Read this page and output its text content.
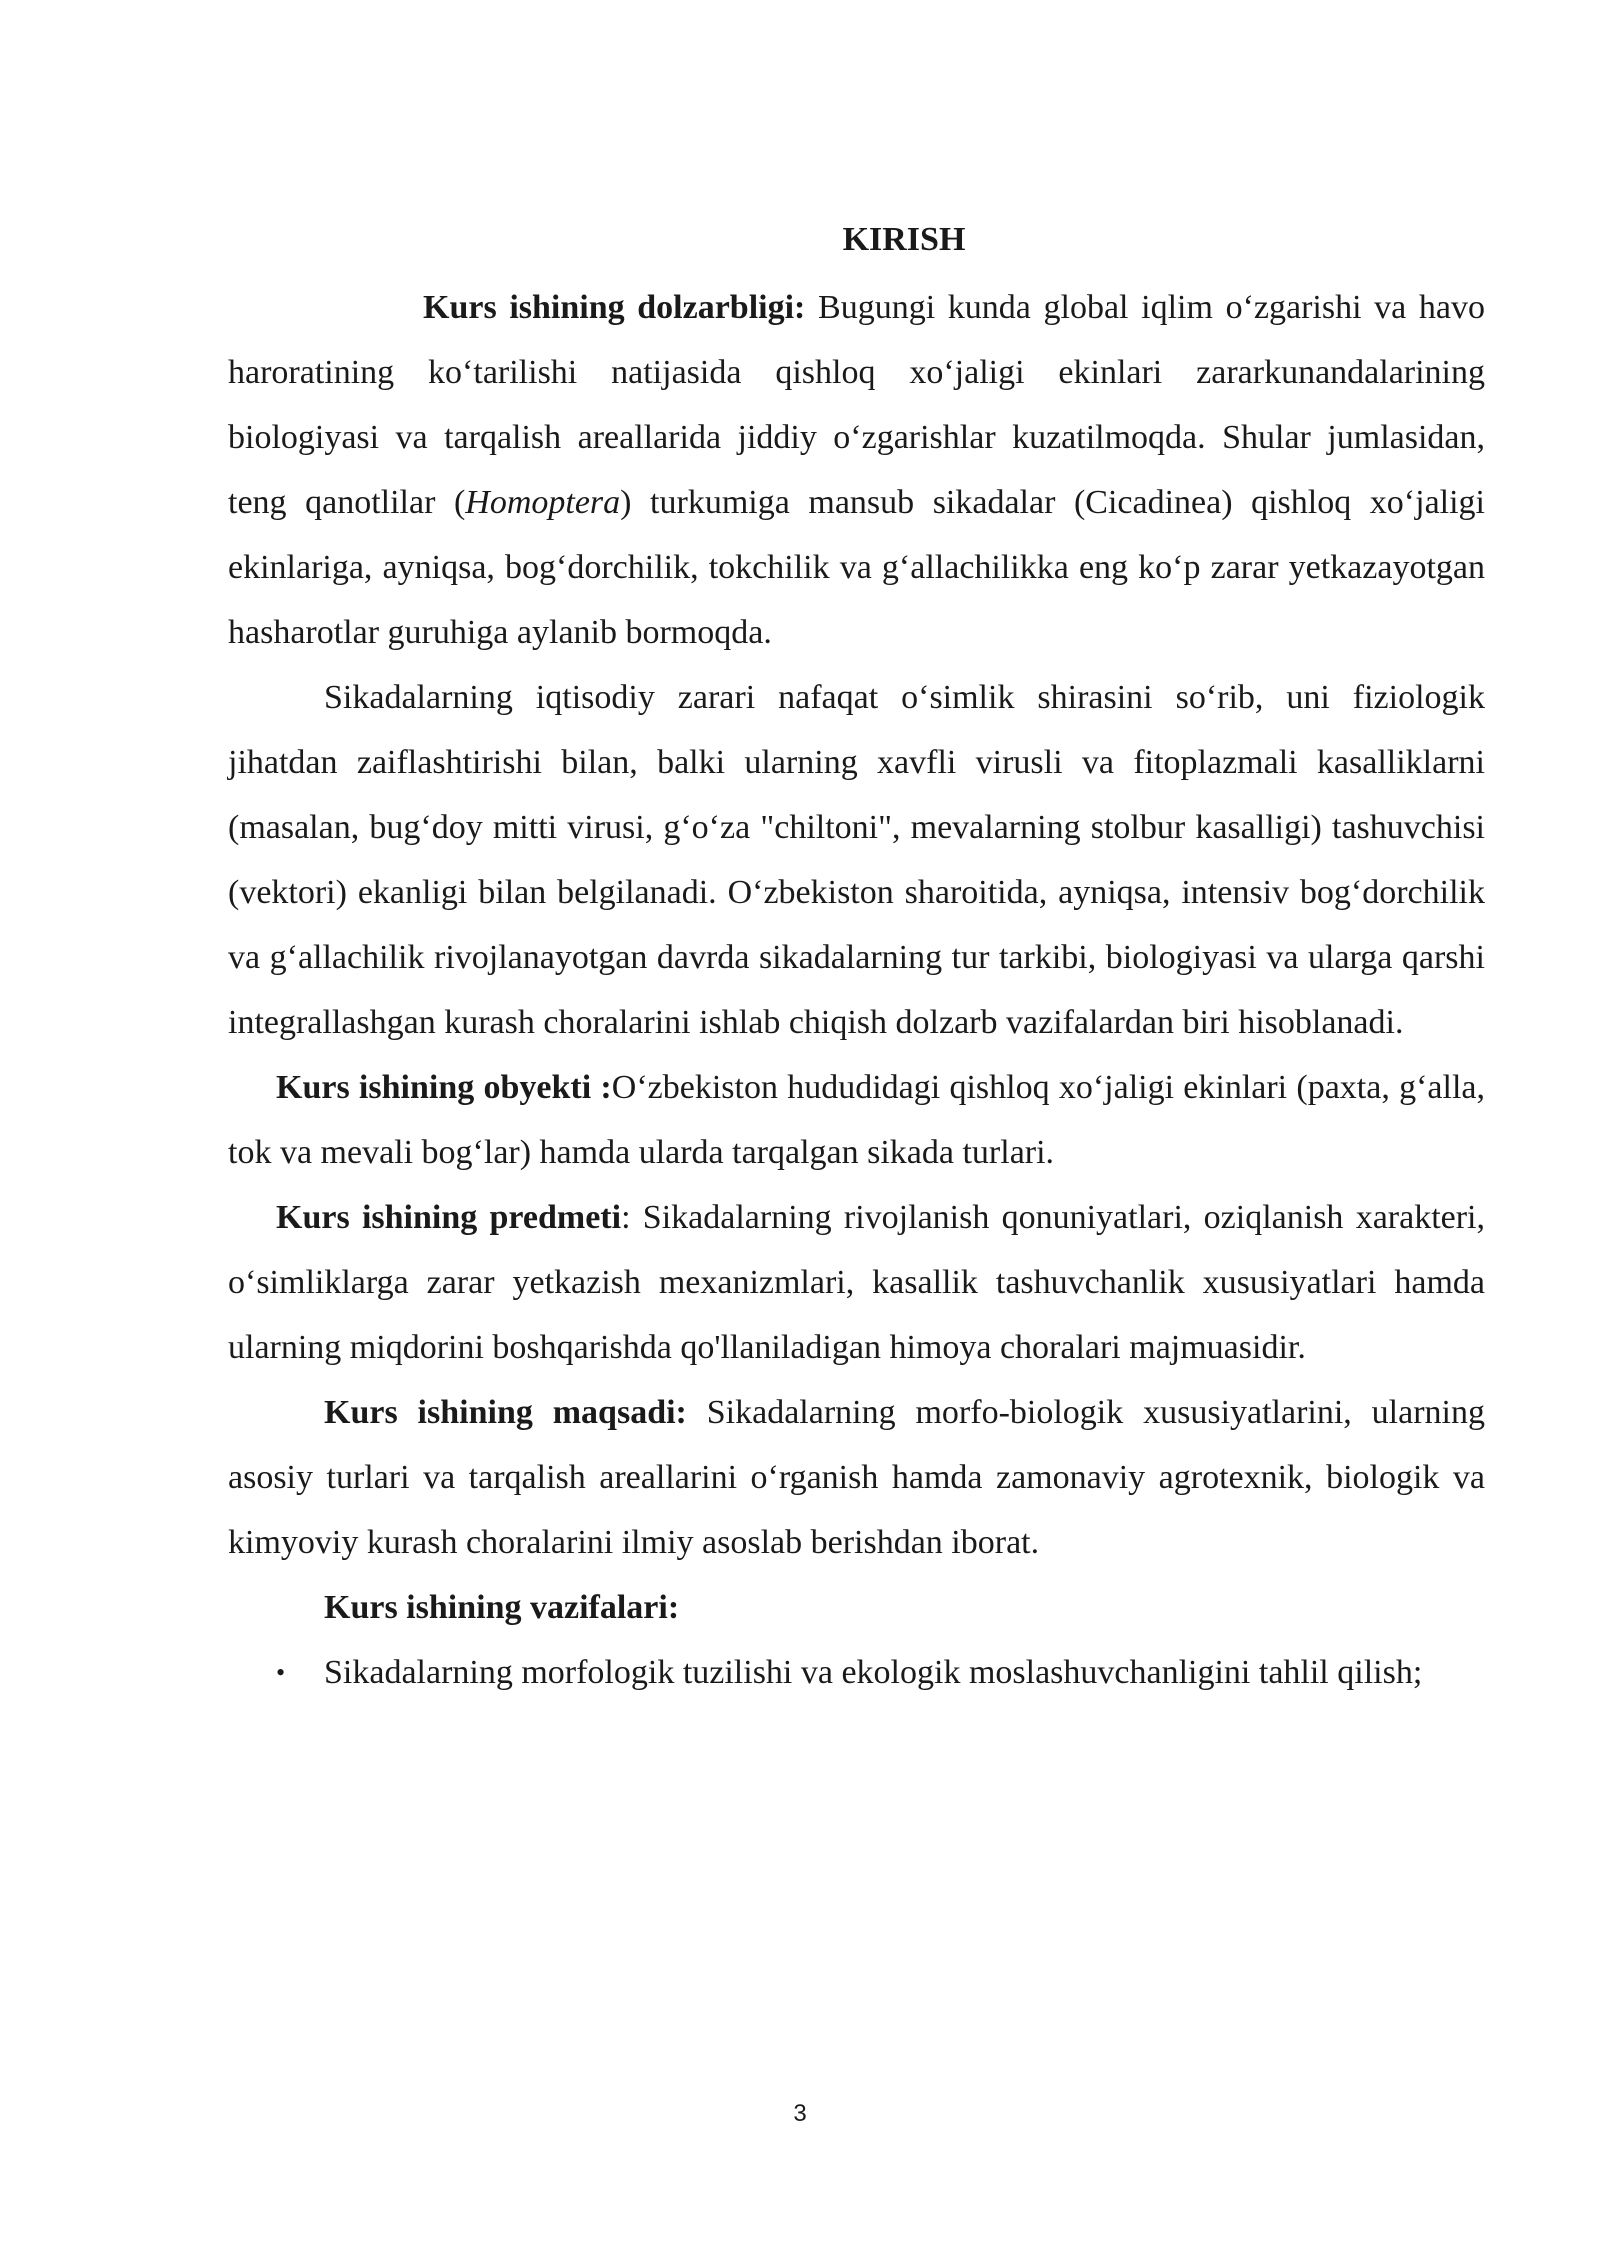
KIRISH

Kurs ishining dolzarbligi: Bugungi kunda global iqlim o‘zgarishi va havo haroratining ko‘tarilishi natijasida qishloq xo‘jaligi ekinlari zararkunandalarining biologiyasi va tarqalish areallarida jiddiy o‘zgarishlar kuzatilmoqda. Shular jumlasidan, teng qanotlilar (Homoptera) turkumiga mansub sikadalar (Cicadinea) qishloq xo‘jaligi ekinlariga, ayniqsa, bog‘dorchilik, tokchilik va g‘allachilikka eng ko‘p zarar yetkazayotgan hasharotlar guruhiga aylanib bormoqda.

Sikadalarning iqtisodiy zarari nafaqat o‘simlik shirasini so‘rib, uni fiziologik jihatdan zaiflashtirishi bilan, balki ularning xavfli virusli va fitoplazmali kasalliklarni (masalan, bug‘doy mitti virusi, g‘o‘za "chiltoni", mevalarning stolbur kasalligi) tashuvchisi (vektori) ekanligi bilan belgilanadi. O‘zbekiston sharoitida, ayniqsa, intensiv bog‘dorchilik va g‘allachilik rivojlanayotgan davrda sikadalarning tur tarkibi, biologiyasi va ularga qarshi integrallashgan kurash choralarini ishlab chiqish dolzarb vazifalardan biri hisoblanadi.

Kurs ishining obyekti :O‘zbekiston hududidagi qishloq xo‘jaligi ekinlari (paxta, g‘alla, tok va mevali bog‘lar) hamda ularda tarqalgan sikada turlari.

Kurs ishining predmeti: Sikadalarning rivojlanish qonuniyatlari, oziqlanish xarakteri, o‘simliklarga zarar yetkazish mexanizmlari, kasallik tashuvchanlik xususiyatlari hamda ularning miqdorini boshqarishda qo'llaniladigan himoya choralari majmuasidir.

Kurs ishining maqsadi: Sikadalarning morfo-biologik xususiyatlarini, ularning asosiy turlari va tarqalish areallarini o‘rganish hamda zamonaviy agrotexnik, biologik va kimyoviy kurash choralarini ilmiy asoslab berishdan iborat.

Kurs ishining vazifalari:

• Sikadalarning morfologik tuzilishi va ekologik moslashuvchanligini tahlil qilish;
3
